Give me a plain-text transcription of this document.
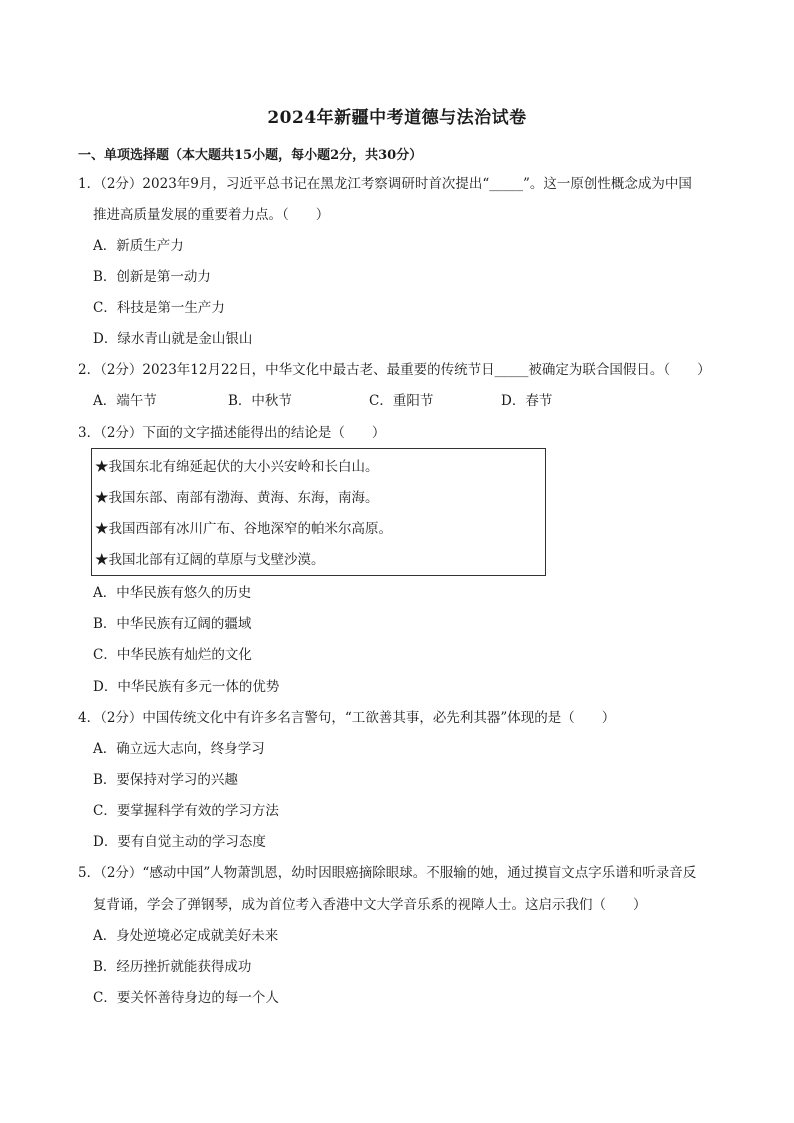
2024年新疆中考道德与法治试卷
一、单项选择题（本大题共15小题，每小题2分，共30分）
1．（2分）2023年9月，习近平总书记在黑龙江考察调研时首次提出“_____”。这一原创性概念成为中国
推进高质量发展的重要着力点。（　　）
A．新质生产力
B．创新是第一动力
C．科技是第一生产力
D．绿水青山就是金山银山
2．（2分）2023年12月22日，中华文化中最古老、最重要的传统节日_____被确定为联合国假日。（　　）
A．端午节	B．中秋节	C．重阳节	D．春节
3．（2分）下面的文字描述能得出的结论是（　　）
★我国东北有绵延起伏的大小兴安岭和长白山。
★我国东部、南部有渤海、黄海、东海，南海。
★我国西部有冰川广布、谷地深窄的帕米尔高原。
★我国北部有辽阔的草原与戈壁沙漠。
A．中华民族有悠久的历史
B．中华民族有辽阔的疆域
C．中华民族有灿烂的文化
D．中华民族有多元一体的优势
4．（2分）中国传统文化中有许多名言警句，“工欲善其事，必先利其器”体现的是（　　）
A．确立远大志向，终身学习
B．要保持对学习的兴趣
C．要掌握科学有效的学习方法
D．要有自觉主动的学习态度
5．（2分）“感动中国”人物萧凯恩，幼时因眼癌摘除眼球。不服输的她，通过摸盲文点字乐谱和听录音反
复背诵，学会了弹钢琴，成为首位考入香港中文大学音乐系的视障人士。这启示我们（　　）
A．身处逆境必定成就美好未来
B．经历挫折就能获得成功
C．要关怀善待身边的每一个人
